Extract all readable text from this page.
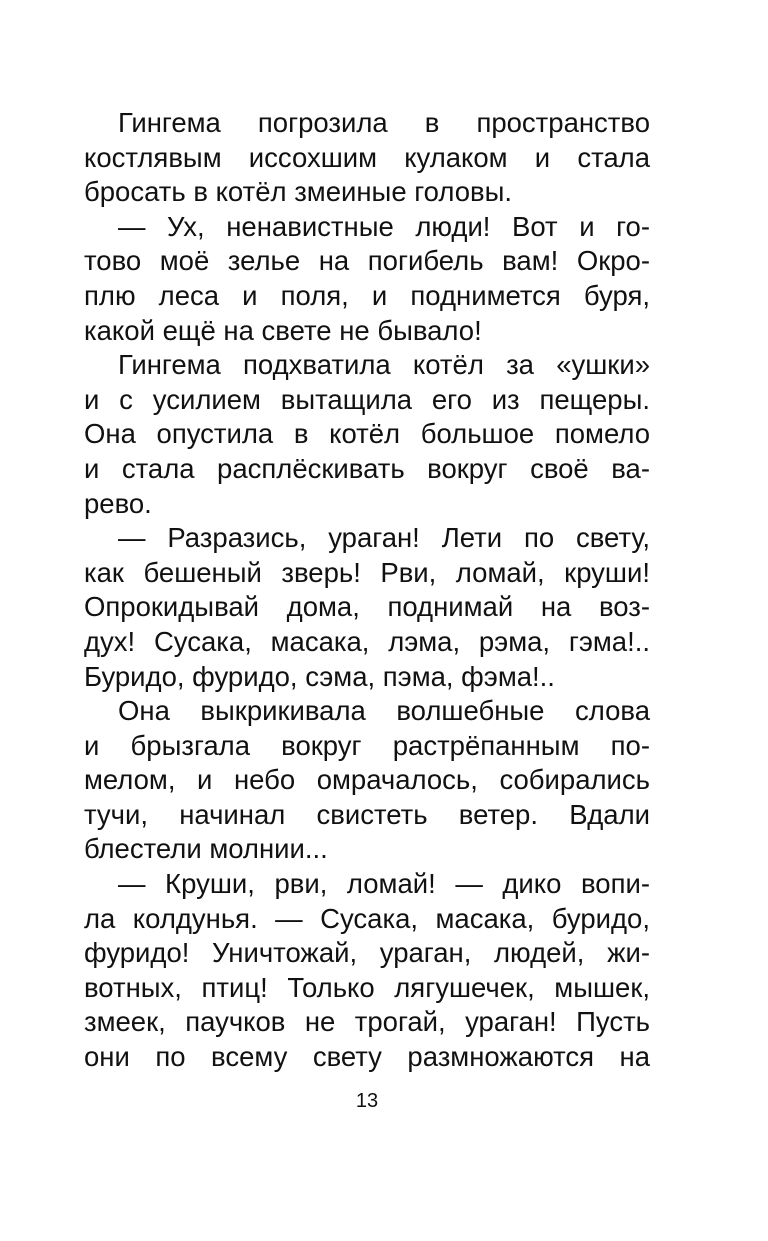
Гингема погрозила в пространство
костлявым иссохшим кулаком и стала
бросать в котёл змеиные головы.
— Ух, ненавистные люди! Вот и го-
тово моё зелье на погибель вам! Окро-
плю леса и поля, и поднимется буря,
какой ещё на свете не бывало!
Гингема подхватила котёл за «ушки»
и с усилием вытащила его из пещеры.
Она опустила в котёл большое помело
и стала расплёскивать вокруг своё ва-
рево.
— Разразись, ураган! Лети по свету,
как бешеный зверь! Рви, ломай, круши!
Опрокидывай дома, поднимай на воз-
дух! Сусака, масака, лэма, рэма, гэма!..
Буридо, фуридо, сэма, пэма, фэма!..
Она выкрикивала волшебные слова
и брызгала вокруг растрёпанным по-
мелом, и небо омрачалось, собирались
тучи, начинал свистеть ветер. Вдали
блестели молнии...
— Круши, рви, ломай! — дико вопи-
ла колдунья. — Сусака, масака, буридо,
фуридо! Уничтожай, ураган, людей, жи-
вотных, птиц! Только лягушечек, мышек,
змеек, паучков не трогай, ураган! Пусть
они по всему свету размножаются на
13
